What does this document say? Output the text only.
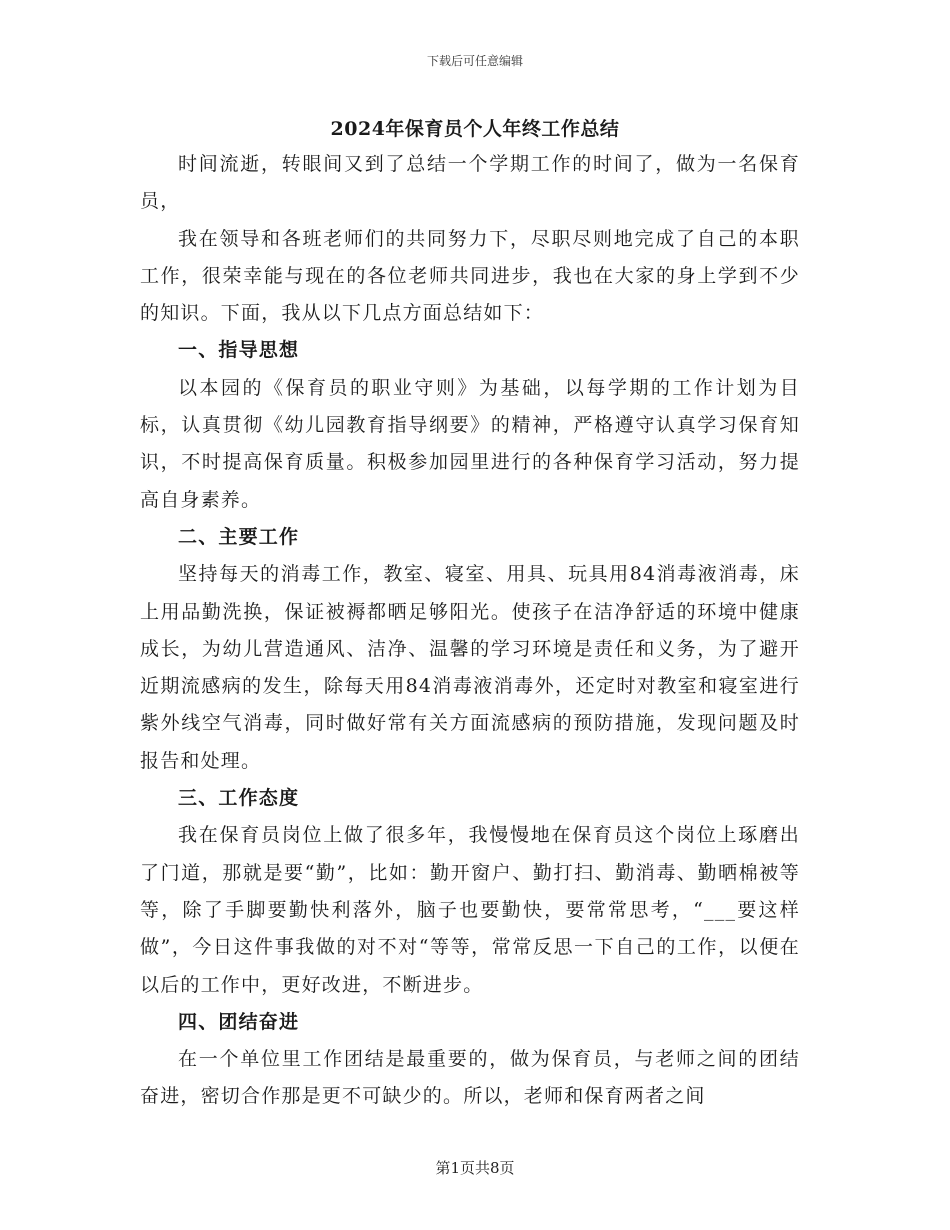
下载后可任意编辑
2024年保育员个人年终工作总结

时间流逝，转眼间又到了总结一个学期工作的时间了，做为一名保育员，

我在领导和各班老师们的共同努力下，尽职尽则地完成了自己的本职工作，很荣幸能与现在的各位老师共同进步，我也在大家的身上学到不少的知识。下面，我从以下几点方面总结如下：

一、指导思想

以本园的《保育员的职业守则》为基础，以每学期的工作计划为目标，认真贯彻《幼儿园教育指导纲要》的精神，严格遵守认真学习保育知识，不时提高保育质量。积极参加园里进行的各种保育学习活动，努力提高自身素养。

二、主要工作

坚持每天的消毒工作，教室、寝室、用具、玩具用84消毒液消毒，床上用品勤洗换，保证被褥都晒足够阳光。使孩子在洁净舒适的环境中健康成长，为幼儿营造通风、洁净、温馨的学习环境是责任和义务，为了避开近期流感病的发生，除每天用84消毒液消毒外，还定时对教室和寝室进行紫外线空气消毒，同时做好常有关方面流感病的预防措施，发现问题及时报告和处理。

三、工作态度

我在保育员岗位上做了很多年，我慢慢地在保育员这个岗位上琢磨出了门道，那就是要“勤”，比如：勤开窗户、勤打扫、勤消毒、勤晒棉被等等，除了手脚要勤快利落外，脑子也要勤快，要常常思考，“___要这样做”，今日这件事我做的对不对“等等，常常反思一下自己的工作，以便在以后的工作中，更好改进，不断进步。

四、团结奋进

在一个单位里工作团结是最重要的，做为保育员，与老师之间的团结奋进，密切合作那是更不可缺少的。所以，老师和保育两者之间

第1页共8页
